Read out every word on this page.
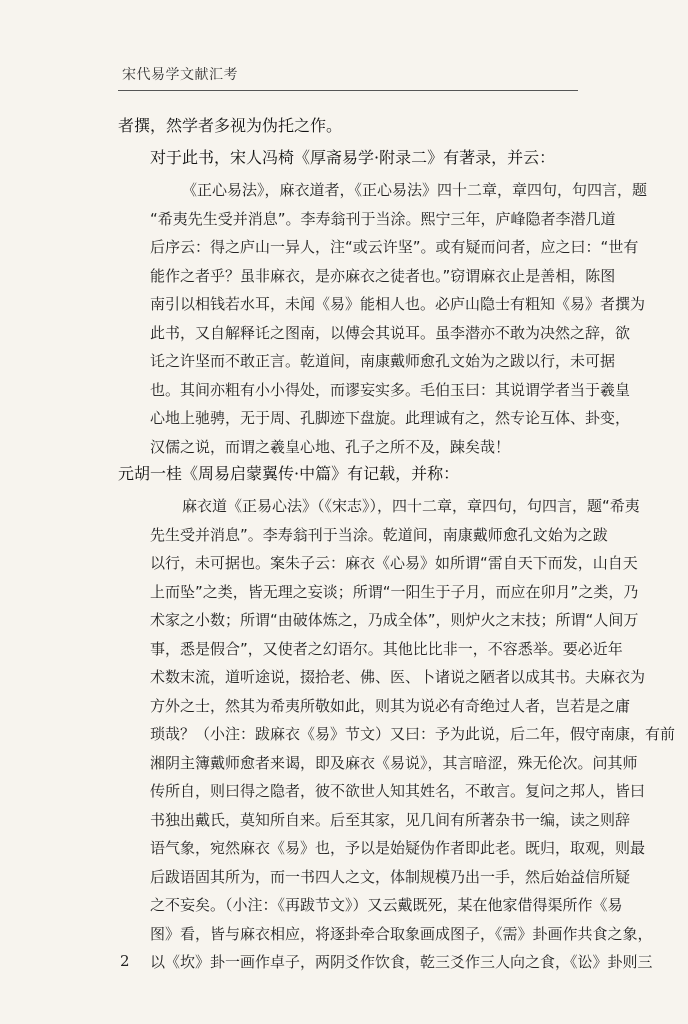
宋代易学文献汇考
者撰，然学者多视为伪托之作。
对于此书，宋人冯椅《厚斋易学·附录二》有著录，并云：
《正心易法》，麻衣道者，《正心易法》四十二章，章四句，句四言，题
“希夷先生受并消息”。李寿翁刊于当涂。熙宁三年，庐峰隐者李潜几道
后序云：得之庐山一异人，注“或云许坚”。或有疑而问者，应之曰：“世有
能作之者乎？虽非麻衣，是亦麻衣之徒者也。”窃谓麻衣止是善相，陈图
南引以相钱若水耳，未闻《易》能相人也。必庐山隐士有粗知《易》者撰为
此书，又自解释讬之图南，以傅会其说耳。虽李潜亦不敢为决然之辞，欲
讬之许坚而不敢正言。乾道间，南康戴师愈孔文始为之跋以行，未可据
也。其间亦粗有小小得处，而谬妄实多。毛伯玉曰：其说谓学者当于羲皇
心地上驰骋，无于周、孔脚迹下盘旋。此理诚有之，然专论互体、卦变，
汉儒之说，而谓之羲皇心地、孔子之所不及，踈矣哉！
元胡一桂《周易启蒙翼传·中篇》有记载，并称：
麻衣道《正易心法》（《宋志》），四十二章，章四句，句四言，题“希夷
先生受并消息”。李寿翁刊于当涂。乾道间，南康戴师愈孔文始为之跋
以行，未可据也。案朱子云：麻衣《心易》如所谓“雷自天下而发，山自天
上而坠”之类，皆无理之妄谈；所谓“一阳生于子月，而应在卯月”之类，乃
术家之小数；所谓“由破体炼之，乃成全体”，则炉火之末技；所谓“人间万
事，悉是假合”，又使者之幻语尔。其他比比非一，不容悉举。要必近年
术数末流，道听途说，掇拾老、佛、医、卜诸说之陋者以成其书。夫麻衣为
方外之士，然其为希夷所敬如此，则其为说必有奇绝过人者，岂若是之庸
琐哉？（小注：跋麻衣《易》节文）又曰：予为此说，后二年，假守南康，有前
湘阴主簿戴师愈者来谒，即及麻衣《易说》，其言暗涩，殊无伦次。问其师
传所自，则曰得之隐者，彼不欲世人知其姓名，不敢言。复问之邦人，皆曰
书独出戴氏，莫知所自来。后至其家，见几间有所著杂书一编，读之则辞
语气象，宛然麻衣《易》也，予以是始疑伪作者即此老。既归，取观，则最
后跋语固其所为，而一书四人之文，体制规模乃出一手，然后始益信所疑
之不妄矣。（小注：《再跋节文》）又云戴既死，某在他家借得渠所作《易
图》看，皆与麻衣相应，将逐卦牵合取象画成图子，《需》卦画作共食之象，
以《坎》卦一画作卓子，两阴爻作饮食，乾三爻作三人向之食，《讼》卦则三
2
